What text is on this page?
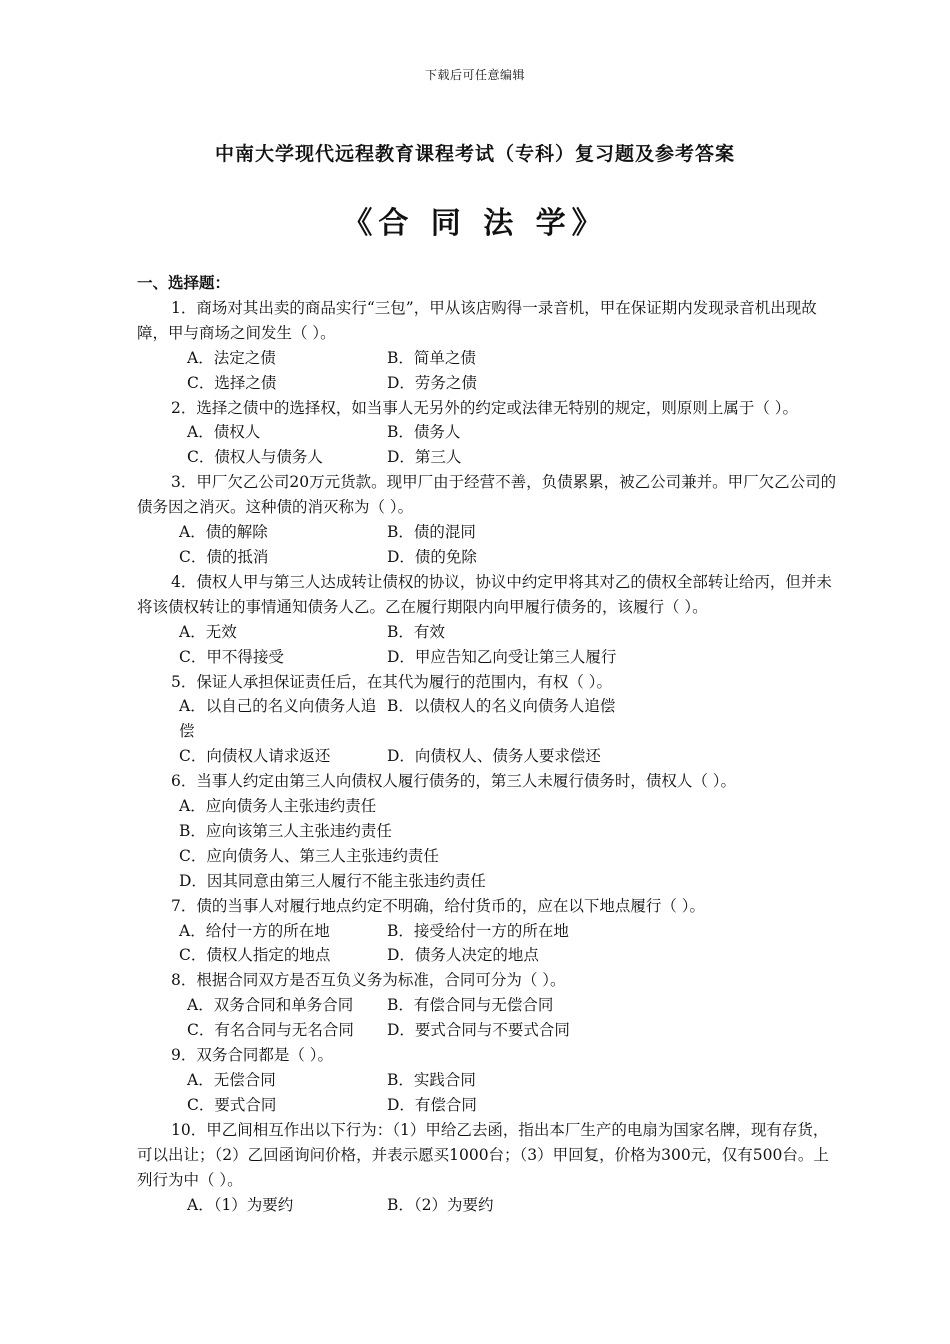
下载后可任意编辑
中南大学现代远程教育课程考试（专科）复习题及参考答案
《合 同 法 学》
一、选择题：
1．商场对其出卖的商品实行“三包”，甲从该店购得一录音机，甲在保证期内发现录音机出现故障，甲与商场之间发生（ ）。
A．法定之债	B．简单之债
C．选择之债	D．劳务之债
2．选择之债中的选择权，如当事人无另外的约定或法律无特别的规定，则原则上属于（ ）。
A．债权人	B．债务人
C．债权人与债务人	D．第三人
3．甲厂欠乙公司20万元货款。现甲厂由于经营不善，负债累累，被乙公司兼并。甲厂欠乙公司的债务因之消灭。这种债的消灭称为（ ）。
A．债的解除	B．债的混同
C．债的抵消	D．债的免除
4．债权人甲与第三人达成转让债权的协议，协议中约定甲将其对乙的债权全部转让给丙，但并未将该债权转让的事情通知债务人乙。乙在履行期限内向甲履行债务的，该履行（ ）。
A．无效	B．有效
C．甲不得接受	D．甲应告知乙向受让第三人履行
5．保证人承担保证责任后，在其代为履行的范围内，有权（ ）。
A．以自己的名义向债务人追偿
B．以债权人的名义向债务人追偿
C．向债权人请求返还	D．向债权人、债务人要求偿还
6．当事人约定由第三人向债权人履行债务的，第三人未履行债务时，债权人（ ）。
A．应向债务人主张违约责任
B．应向该第三人主张违约责任
C．应向债务人、第三人主张违约责任
D．因其同意由第三人履行不能主张违约责任
7．债的当事人对履行地点约定不明确，给付货币的，应在以下地点履行（ ）。
A．给付一方的所在地	B．接受给付一方的所在地
C．债权人指定的地点	D．债务人决定的地点
8．根据合同双方是否互负义务为标准，合同可分为（ ）。
A．双务合同和单务合同	B．有偿合同与无偿合同
C．有名合同与无名合同	D．要式合同与不要式合同
9．双务合同都是（ ）。
A．无偿合同	B．实践合同
C．要式合同	D．有偿合同
10．甲乙间相互作出以下行为：（1）甲给乙去函，指出本厂生产的电扇为国家名牌，现有存货，可以出让；（2）乙回函询问价格，并表示愿买1000台；（3）甲回复，价格为300元，仅有500台。上列行为中（ ）。
A．（1）为要约	B．（2）为要约
